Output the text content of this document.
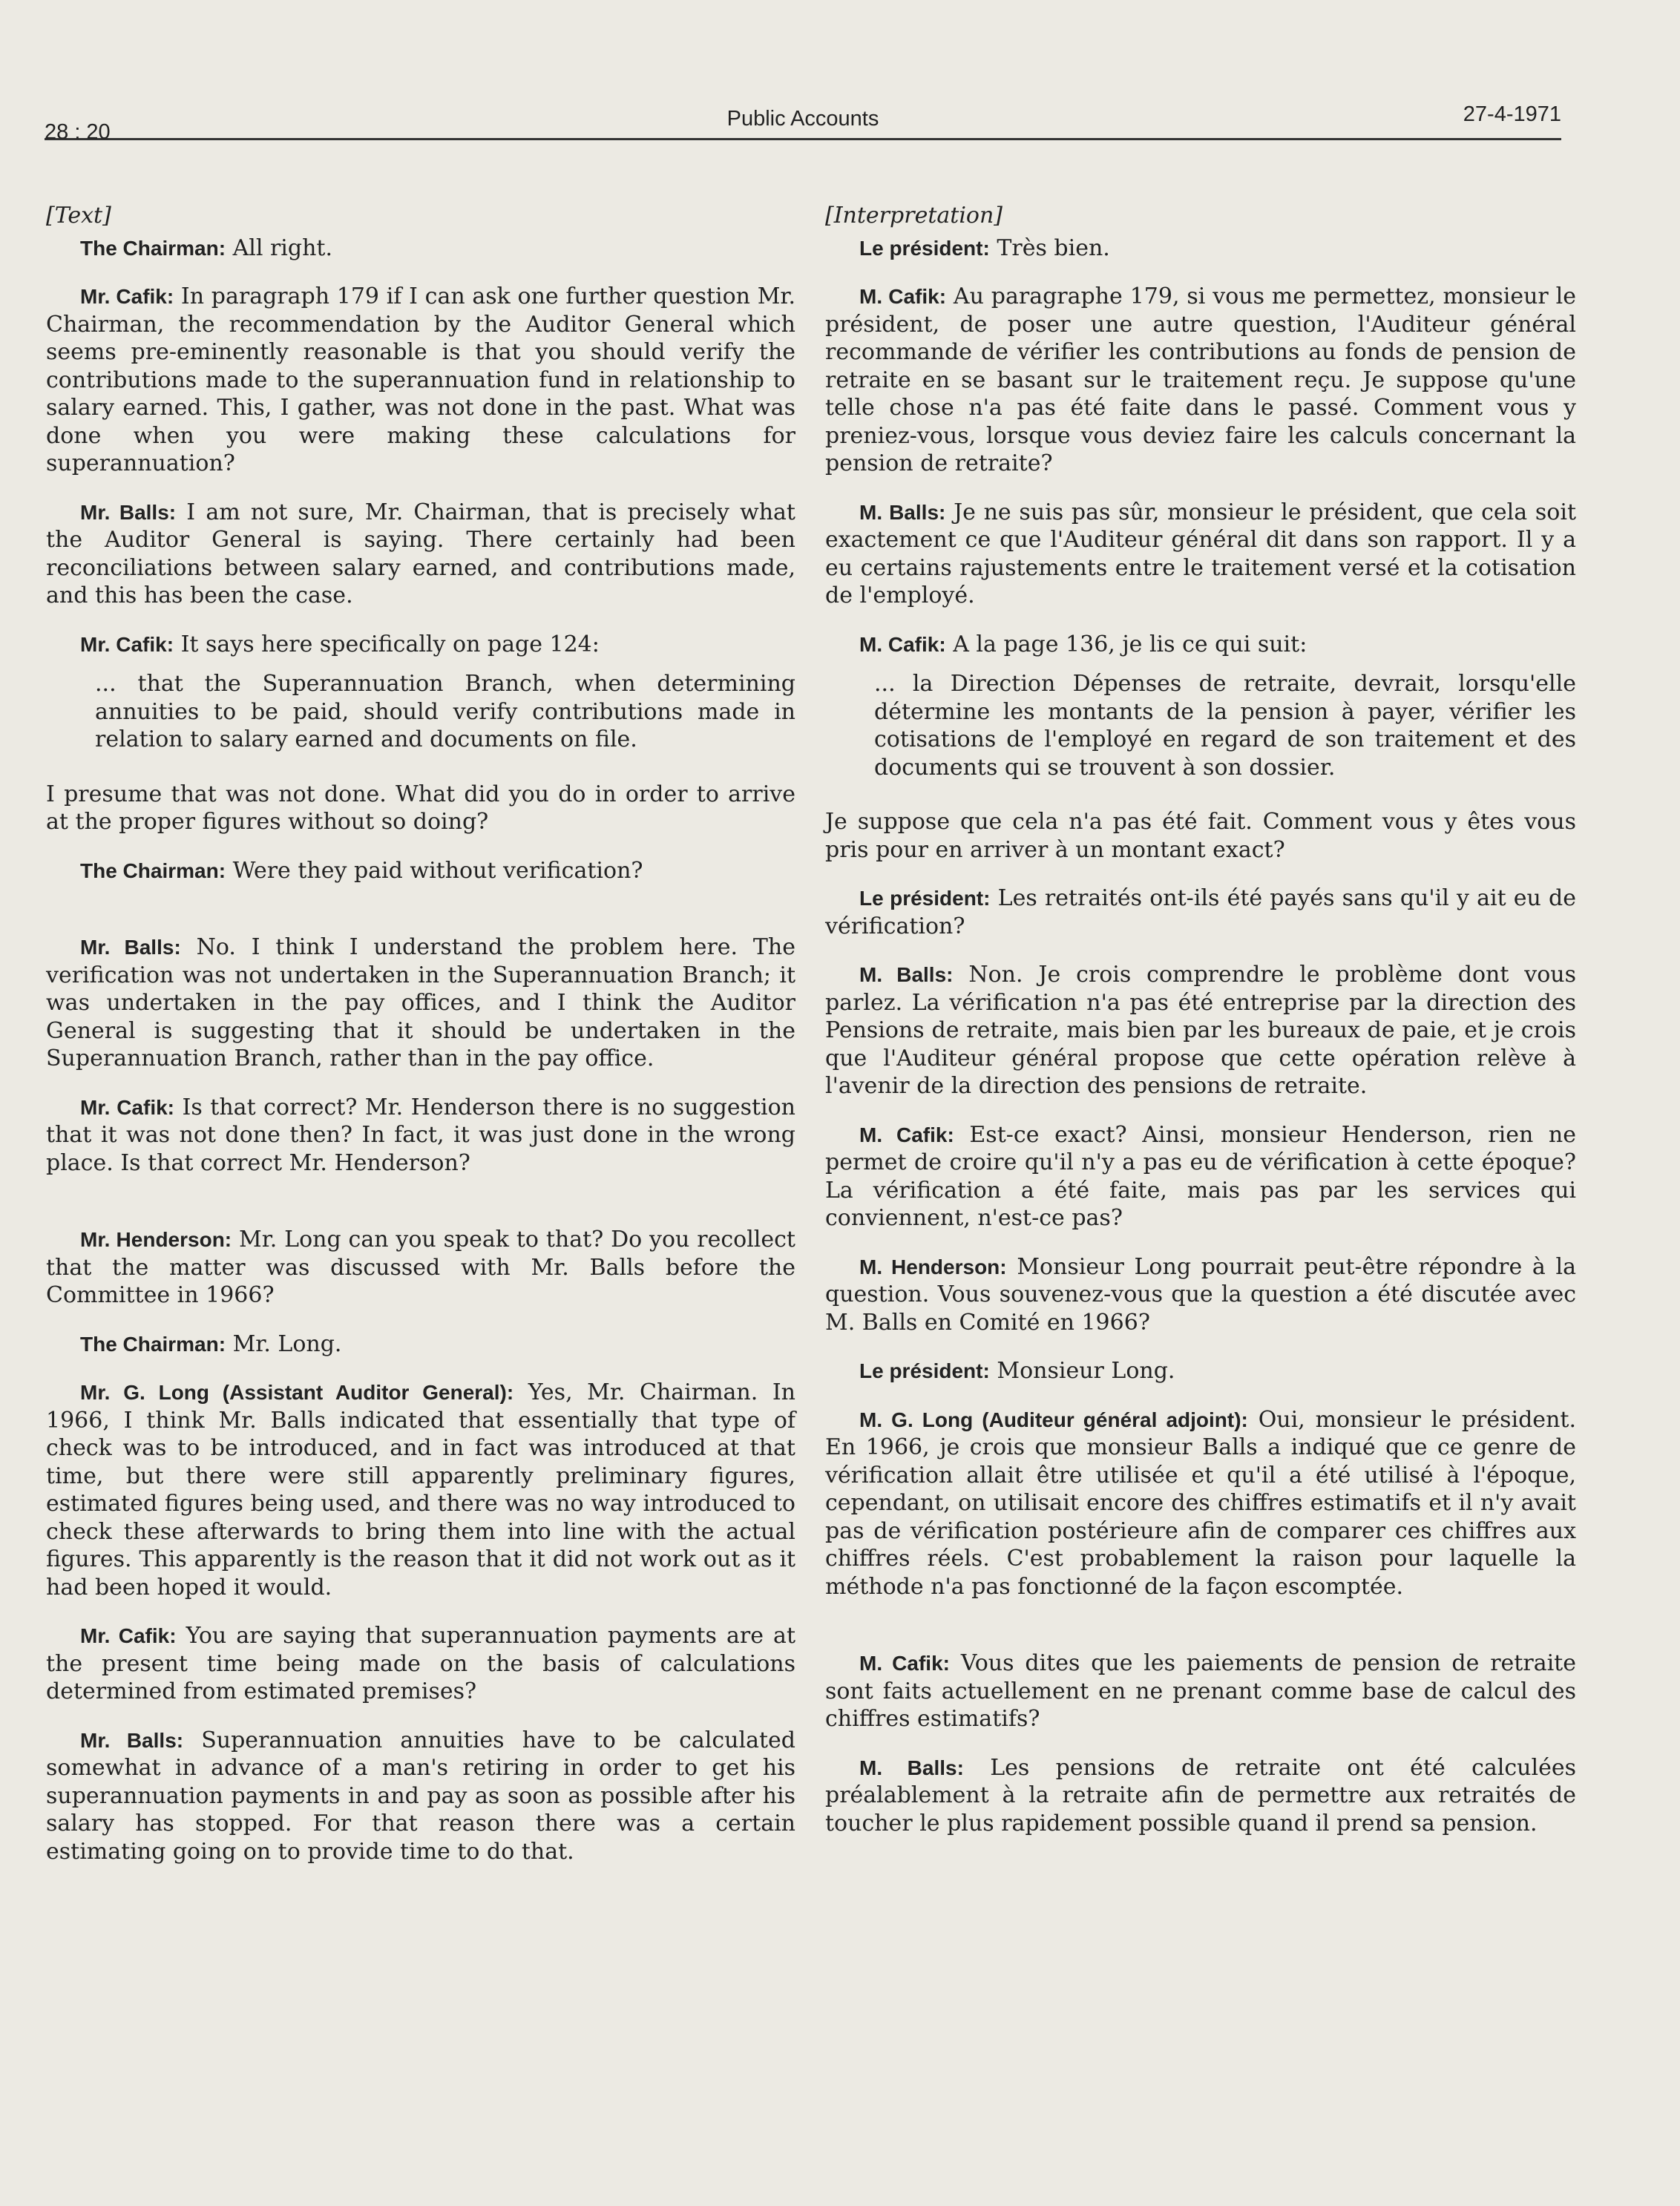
28 : 20
Public Accounts	27-4-1971
[Text]

The Chairman: All right.

Mr. Cafik: In paragraph 179 if I can ask one further question Mr. Chairman, the recommendation by the Auditor General which seems pre-eminently reasonable is that you should verify the contributions made to the superannuation fund in relationship to salary earned. This, I gather, was not done in the past. What was done when you were making these calculations for superannuation?

Mr. Balls: I am not sure, Mr. Chairman, that is precisely what the Auditor General is saying. There certainly had been reconciliations between salary earned, and contributions made, and this has been the case.

Mr. Cafik: It says here specifically on page 124:

... that the Superannuation Branch, when determining annuities to be paid, should verify contributions made in relation to salary earned and documents on file.

I presume that was not done. What did you do in order to arrive at the proper figures without so doing?

The Chairman: Were they paid without verification?

Mr. Balls: No. I think I understand the problem here. The verification was not undertaken in the Superannuation Branch; it was undertaken in the pay offices, and I think the Auditor General is suggesting that it should be undertaken in the Superannuation Branch, rather than in the pay office.

Mr. Cafik: Is that correct? Mr. Henderson there is no suggestion that it was not done then? In fact, it was just done in the wrong place. Is that correct Mr. Henderson?

Mr. Henderson: Mr. Long can you speak to that? Do you recollect that the matter was discussed with Mr. Balls before the Committee in 1966?

The Chairman: Mr. Long.

Mr. G. Long (Assistant Auditor General): Yes, Mr. Chairman. In 1966, I think Mr. Balls indicated that essentially that type of check was to be introduced, and in fact was introduced at that time, but there were still apparently preliminary figures, estimated figures being used, and there was no way introduced to check these afterwards to bring them into line with the actual figures. This apparently is the reason that it did not work out as it had been hoped it would.

Mr. Cafik: You are saying that superannuation payments are at the present time being made on the basis of calculations determined from estimated premises?

Mr. Balls: Superannuation annuities have to be calculated somewhat in advance of a man's retiring in order to get his superannuation payments in and pay as soon as possible after his salary has stopped. For that reason there was a certain estimating going on to provide time to do that.

[Interpretation]

Le président: Très bien.

M. Cafik: Au paragraphe 179, si vous me permettez, monsieur le président, de poser une autre question, l'Auditeur général recommande de vérifier les contributions au fonds de pension de retraite en se basant sur le traitement reçu. Je suppose qu'une telle chose n'a pas été faite dans le passé. Comment vous y preniez-vous, lorsque vous deviez faire les calculs concernant la pension de retraite?

M. Balls: Je ne suis pas sûr, monsieur le président, que cela soit exactement ce que l'Auditeur général dit dans son rapport. Il y a eu certains rajustements entre le traitement versé et la cotisation de l'employé.

M. Cafik: A la page 136, je lis ce qui suit:

... la Direction Dépenses de retraite, devrait, lorsqu'elle détermine les montants de la pension à payer, vérifier les cotisations de l'employé en regard de son traitement et des documents qui se trouvent à son dossier.

Je suppose que cela n'a pas été fait. Comment vous y êtes vous pris pour en arriver à un montant exact?

Le président: Les retraités ont-ils été payés sans qu'il y ait eu de vérification?

M. Balls: Non. Je crois comprendre le problème dont vous parlez. La vérification n'a pas été entreprise par la direction des Pensions de retraite, mais bien par les bureaux de paie, et je crois que l'Auditeur général propose que cette opération relève à l'avenir de la direction des pensions de retraite.

M. Cafik: Est-ce exact? Ainsi, monsieur Henderson, rien ne permet de croire qu'il n'y a pas eu de vérification à cette époque? La vérification a été faite, mais pas par les services qui conviennent, n'est-ce pas?

M. Henderson: Monsieur Long pourrait peut-être répondre à la question. Vous souvenez-vous que la question a été discutée avec M. Balls en Comité en 1966?

Le président: Monsieur Long.

M. G. Long (Auditeur général adjoint): Oui, monsieur le président. En 1966, je crois que monsieur Balls a indiqué que ce genre de vérification allait être utilisée et qu'il a été utilisé à l'époque, cependant, on utilisait encore des chiffres estimatifs et il n'y avait pas de vérification postérieure afin de comparer ces chiffres aux chiffres réels. C'est probablement la raison pour laquelle la méthode n'a pas fonctionné de la façon escomptée.

M. Cafik: Vous dites que les paiements de pension de retraite sont faits actuellement en ne prenant comme base de calcul des chiffres estimatifs?

M. Balls: Les pensions de retraite ont été calculées préalablement à la retraite afin de permettre aux retraités de toucher le plus rapidement possible quand il prend sa pension.
